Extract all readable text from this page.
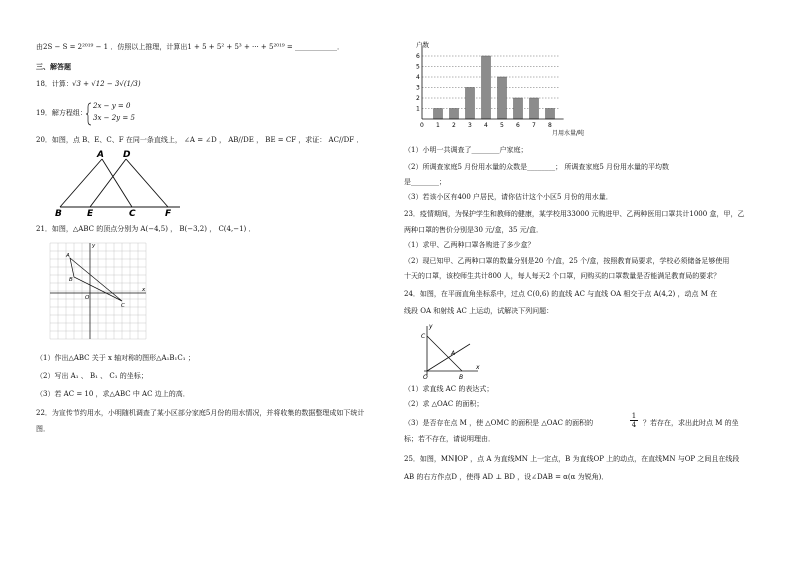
由2S − S = 2²⁰¹⁹ − 1 ．仿照以上推理，计算出1 + 5 + 5² + 5³ + ··· + 5²⁰¹⁹ = ____________．
三、解答题
18．计算： √3 + √12 − 3√(1/3)
19．解方程组：
2x − y = 0
3x − 2y = 5
20．如图，点 B、E、C、F 在同一条直线上， ∠A = ∠D ， AB//DE ， BE = CF ，求证： AC//DF ．
A D
B	E	C	F
21．如图，△ABC 的顶点分别为 A(−4,5) ， B(−3,2) ， C(4,−1) ．
A
B
C
O
x
y
（1）作出△ABC 关于 x 轴对称的图形△A₁B₁C₁ ；
（2）写出 A₁ 、 B₁ 、 C₁ 的坐标；
（3）若 AC = 10 ，求△ABC 中 AC 边上的高．
22．为宣传节约用水，小明随机调查了某小区部分家庭5月份的用水情况，并将收集的数据整理成如下统计
图．
0 1 2 3 4 5 6 7 8
1
2
3
4
5
6
户数
月用水量/吨
（1）小明一共调查了________户家庭；
（2）所调查家庭5 月份用水量的众数是________； 所调查家庭5 月份用水量的平均数
是________；
（3）若该小区有400 户居民，请你估计这个小区5 月份的用水量．
23．疫情期间，为保护学生和教师的健康，某学校用33000 元购进甲、乙两种医用口罩共计1000 盒，甲，乙
两种口罩的售价分别是30 元/盒，35 元/盒．
（1）求甲、乙两种口罩各购进了多少盒？
（2）现已知甲、乙两种口罩的数量分别是20 个/盒，25 个/盒，按照教育局要求，学校必须储备足够使用
十天的口罩，该校师生共计800 人，每人每天2 个口罩，问购买的口罩数量是否能满足教育局的要求？
24．如图，在平面直角坐标系中，过点 C(0,6) 的直线 AC 与直线 OA 相交于点 A(4,2) ，动点 M 在
线段 OA 和射线 AC 上运动，试解决下列问题：
C
A
O	B
x
y
（1）求直线 AC 的表达式；
（2）求 △OAC 的面积；
（3）是否存在点 M ，使 △OMC 的面积是 △OAC 的面积的	$\frac{1}{4}$ ？若存在，求出此时点 M 的坐
标；若不存在，请说明理由．
25．如图，MN∥OP ，点 A 为直线MN 上一定点，B 为直线OP 上的动点，在直线MN 与OP 之间且在线段
AB 的右方作点D ，使得 AD ⊥ BD ，设∠DAB = α(α 为锐角)．
